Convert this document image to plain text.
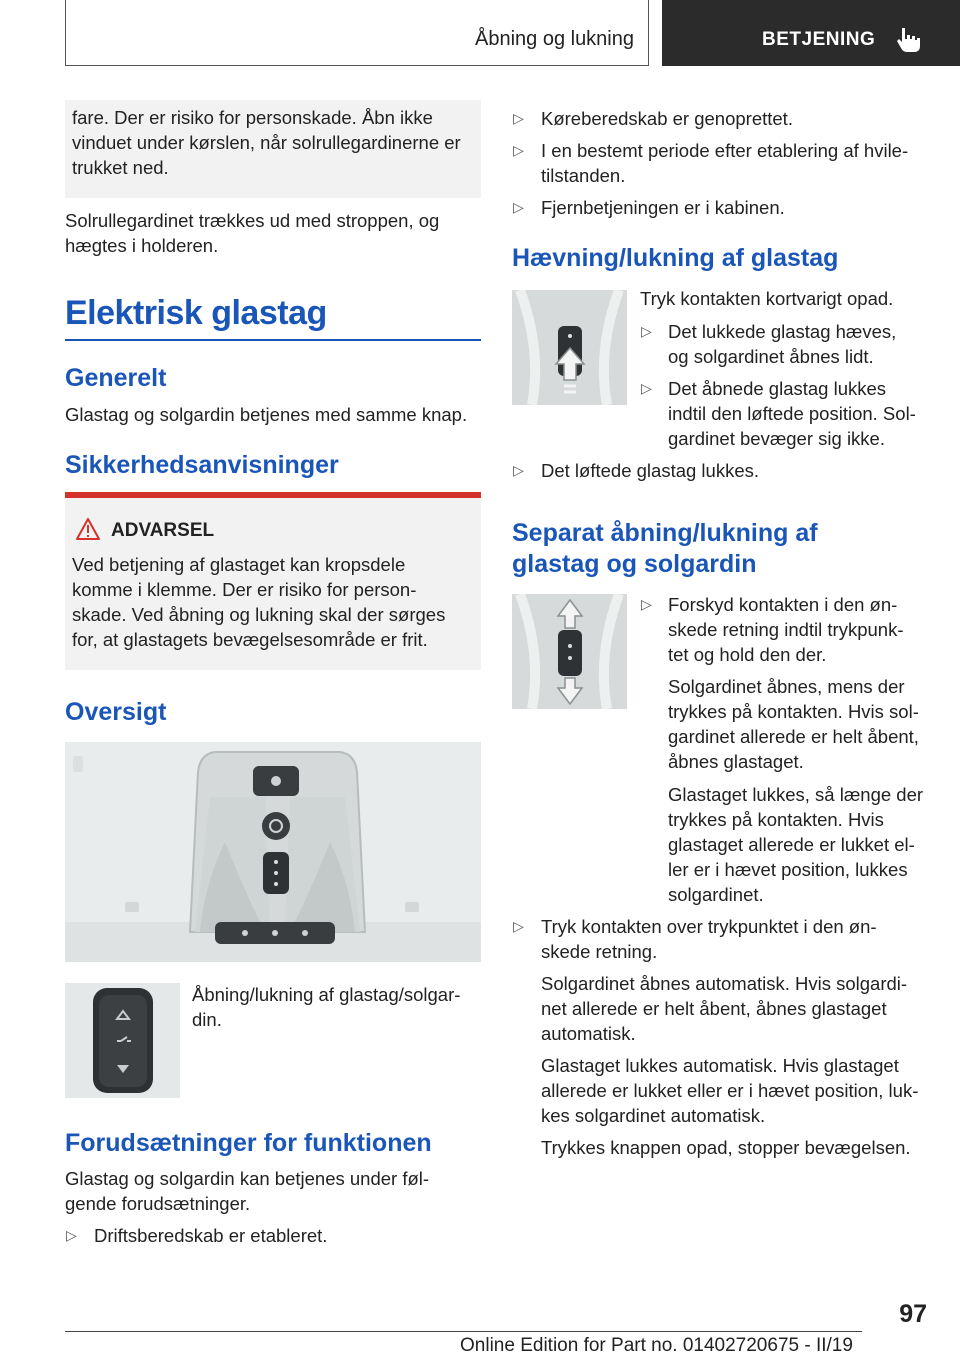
Åbning og lukning	BETJENING
fare. Der er risiko for personskade. Åbn ikke
vinduet under kørslen, når solrullegardinerne er
trukket ned.
Solrullegardinet trækkes ud med stroppen, og
hægtes i holderen.
Elektrisk glastag
Generelt
Glastag og solgardin betjenes med samme knap.
Sikkerhedsanvisninger
ADVARSEL
Ved betjening af glastaget kan kropsdele
komme i klemme. Der er risiko for person-
skade. Ved åbning og lukning skal der sørges
for, at glastagets bevægelsesområde er frit.
Oversigt
Åbning/lukning af glastag/solgar-
din.
Forudsætninger for funktionen
Glastag og solgardin kan betjenes under føl-
gende forudsætninger.
▷ Driftsberedskab er etableret.
▷ Køreberedskab er genoprettet.
▷ I en bestemt periode efter etablering af hvile-
tilstanden.
▷ Fjernbetjeningen er i kabinen.
Hævning/lukning af glastag
Tryk kontakten kortvarigt opad.
▷ Det lukkede glastag hæves,
og solgardinet åbnes lidt.
▷ Det åbnede glastag lukkes
indtil den løftede position. Sol-
gardinet bevæger sig ikke.
▷ Det løftede glastag lukkes.
Separat åbning/lukning af
glastag og solgardin
▷ Forskyd kontakten i den øn-
skede retning indtil trykpunk-
tet og hold den der.
Solgardinet åbnes, mens der
trykkes på kontakten. Hvis sol-
gardinet allerede er helt åbent,
åbnes glastaget.
Glastaget lukkes, så længe der
trykkes på kontakten. Hvis
glastaget allerede er lukket el-
ler er i hævet position, lukkes
solgardinet.
▷ Tryk kontakten over trykpunktet i den øn-
skede retning.
Solgardinet åbnes automatisk. Hvis solgardi-
net allerede er helt åbent, åbnes glastaget
automatisk.
Glastaget lukkes automatisk. Hvis glastaget
allerede er lukket eller er i hævet position, luk-
kes solgardinet automatisk.
Trykkes knappen opad, stopper bevægelsen.
97
Online Edition for Part no. 01402720675 - II/19
